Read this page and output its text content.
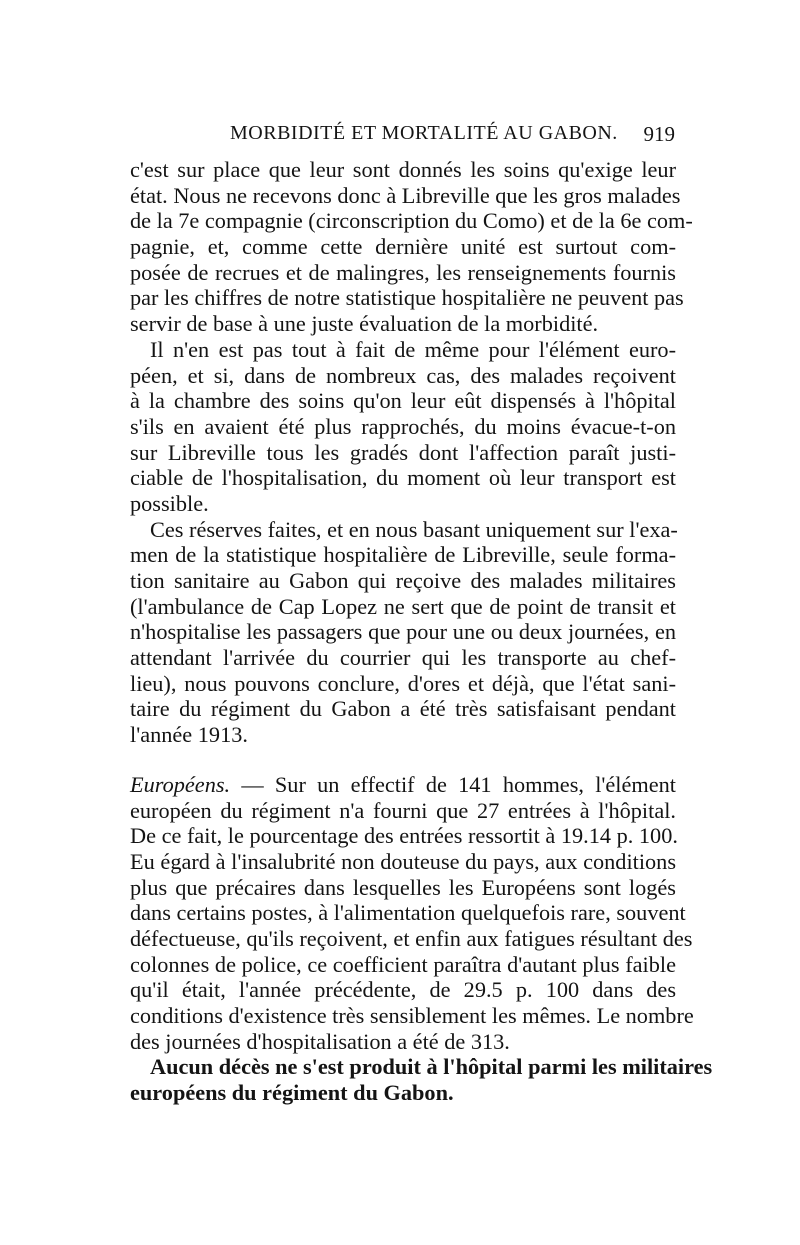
MORBIDITÉ ET MORTALITÉ AU GABON. 919
c'est sur place que leur sont donnés les soins qu'exige leur
état. Nous ne recevons donc à Libreville que les gros malades
de la 7e compagnie (circonscription du Como) et de la 6e com-
pagnie, et, comme cette dernière unité est surtout com-
posée de recrues et de malingres, les renseignements fournis
par les chiffres de notre statistique hospitalière ne peuvent pas
servir de base à une juste évaluation de la morbidité.
Il n'en est pas tout à fait de même pour l'élément euro-
péen, et si, dans de nombreux cas, des malades reçoivent
à la chambre des soins qu'on leur eût dispensés à l'hôpital
s'ils en avaient été plus rapprochés, du moins évacue-t-on
sur Libreville tous les gradés dont l'affection paraît justi-
ciable de l'hospitalisation, du moment où leur transport est
possible.
Ces réserves faites, et en nous basant uniquement sur l'exa-
men de la statistique hospitalière de Libreville, seule forma-
tion sanitaire au Gabon qui reçoive des malades militaires
(l'ambulance de Cap Lopez ne sert que de point de transit et
n'hospitalise les passagers que pour une ou deux journées, en
attendant l'arrivée du courrier qui les transporte au chef-
lieu), nous pouvons conclure, d'ores et déjà, que l'état sani-
taire du régiment du Gabon a été très satisfaisant pendant
l'année 1913.
Européens. — Sur un effectif de 141 hommes, l'élément
européen du régiment n'a fourni que 27 entrées à l'hôpital.
De ce fait, le pourcentage des entrées ressortit à 19.14 p. 100.
Eu égard à l'insalubrité non douteuse du pays, aux conditions
plus que précaires dans lesquelles les Européens sont logés
dans certains postes, à l'alimentation quelquefois rare, souvent
défectueuse, qu'ils reçoivent, et enfin aux fatigues résultant des
colonnes de police, ce coefficient paraîtra d'autant plus faible
qu'il était, l'année précédente, de 29.5 p. 100 dans des
conditions d'existence très sensiblement les mêmes. Le nombre
des journées d'hospitalisation a été de 313.
Aucun décès ne s'est produit à l'hôpital parmi les militaires
européens du régiment du Gabon.
